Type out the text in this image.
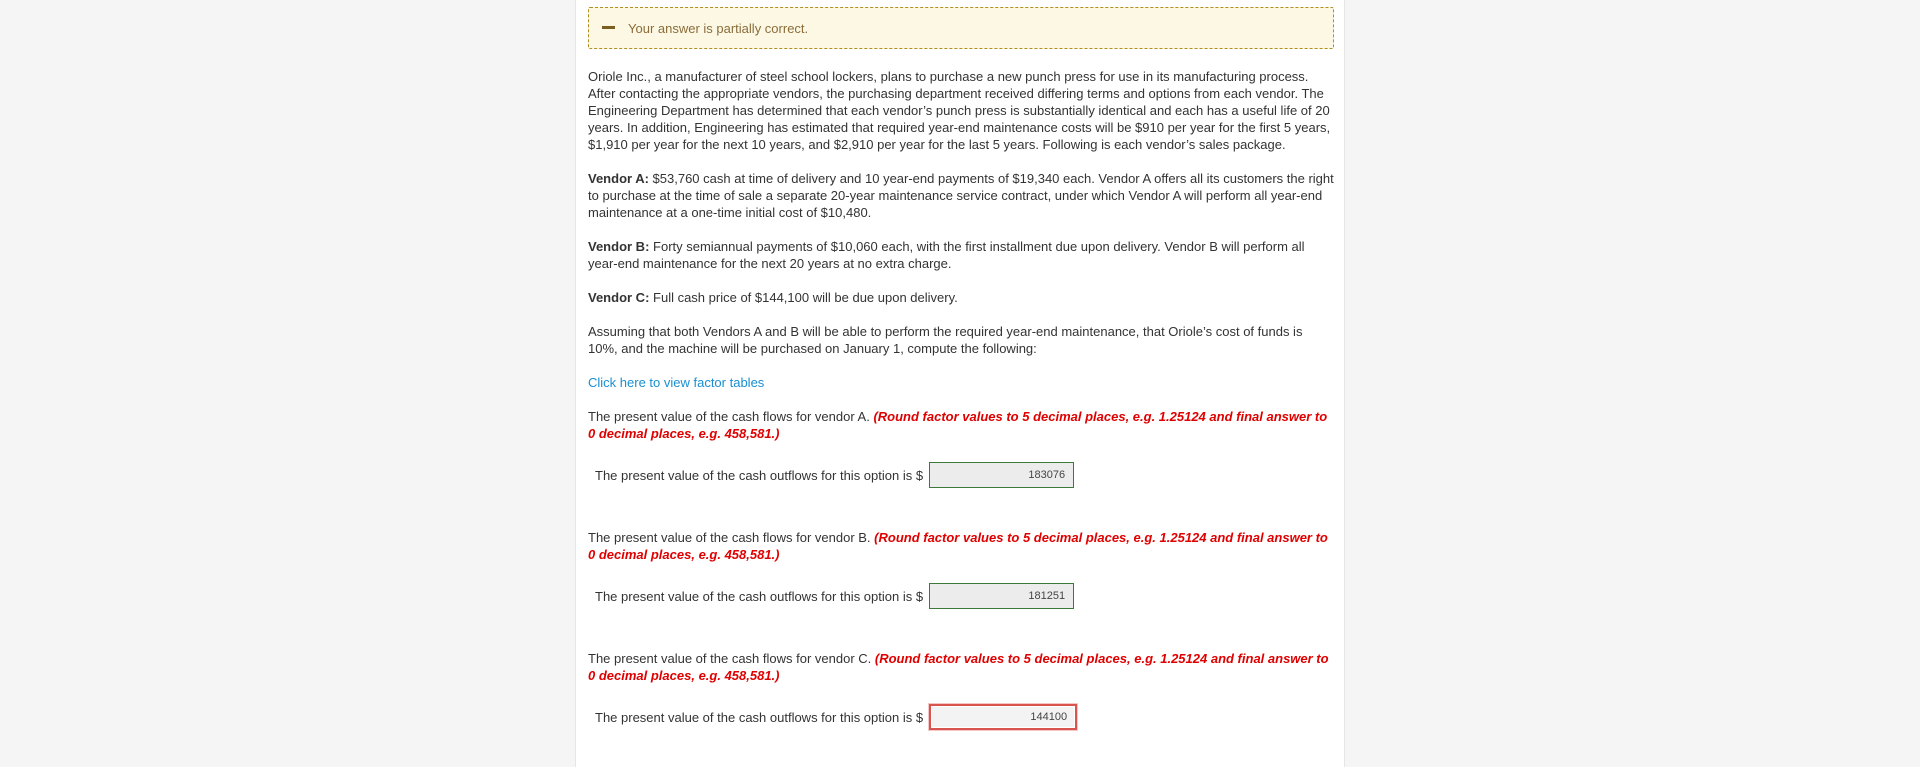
Your answer is partially correct.

Oriole Inc., a manufacturer of steel school lockers, plans to purchase a new punch press for use in its manufacturing process. After contacting the appropriate vendors, the purchasing department received differing terms and options from each vendor. The Engineering Department has determined that each vendor’s punch press is substantially identical and each has a useful life of 20 years. In addition, Engineering has estimated that required year-end maintenance costs will be $910 per year for the first 5 years, $1,910 per year for the next 10 years, and $2,910 per year for the last 5 years. Following is each vendor’s sales package.

Vendor A: $53,760 cash at time of delivery and 10 year-end payments of $19,340 each. Vendor A offers all its customers the right to purchase at the time of sale a separate 20-year maintenance service contract, under which Vendor A will perform all year-end maintenance at a one-time initial cost of $10,480.

Vendor B: Forty semiannual payments of $10,060 each, with the first installment due upon delivery. Vendor B will perform all year-end maintenance for the next 20 years at no extra charge.

Vendor C: Full cash price of $144,100 will be due upon delivery.

Assuming that both Vendors A and B will be able to perform the required year-end maintenance, that Oriole’s cost of funds is 10%, and the machine will be purchased on January 1, compute the following:

Click here to view factor tables

The present value of the cash flows for vendor A. (Round factor values to 5 decimal places, e.g. 1.25124 and final answer to 0 decimal places, e.g. 458,581.)

The present value of the cash outflows for this option is $
183076

The present value of the cash flows for vendor B. (Round factor values to 5 decimal places, e.g. 1.25124 and final answer to 0 decimal places, e.g. 458,581.)

The present value of the cash outflows for this option is $
181251

The present value of the cash flows for vendor C. (Round factor values to 5 decimal places, e.g. 1.25124 and final answer to 0 decimal places, e.g. 458,581.)

The present value of the cash outflows for this option is $
144100
